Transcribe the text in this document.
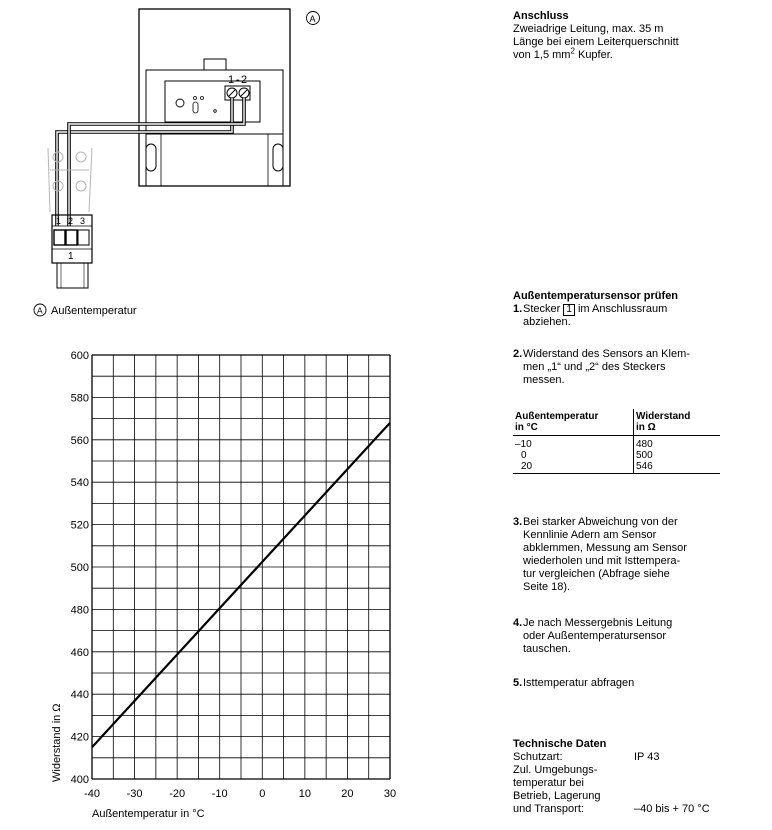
1 - 2
A
1 2 3
1
A Außentemperatur
400
420
440
460
480
500
520
540
560
580
600
-40 -30 -20 -10	0	10	20	30
Außentemperatur in °C
Widerstand in Ω
Anschluss
Zweiadrige Leitung, max. 35 m
Länge bei einem Leiterquerschnitt
von 1,5 $mm^2$ Kupfer.
Außentemperatursensor prüfen
1. Stecker 1 im Anschlussraum
abziehen.
2. Widerstand des Sensors an Klem-
men „1“ und „2“ des Steckers
messen.
Außentemperatur
in °C	Widerstand
in Ω
–10	480
0	500
20	546
3. Bei starker Abweichung von der
Kennlinie Adern am Sensor
abklemmen, Messung am Sensor
wiederholen und mit Isttempera-
tur vergleichen (Abfrage siehe
Seite 18).
4. Je nach Messergebnis Leitung
oder Außentemperatursensor
tauschen.
5. Isttemperatur abfragen
Technische Daten
Schutzart:	IP 43
Zul. Umgebungs-	
temperatur bei	
Betrieb, Lagerung	
und Transport:	–40 bis + 70 °C
